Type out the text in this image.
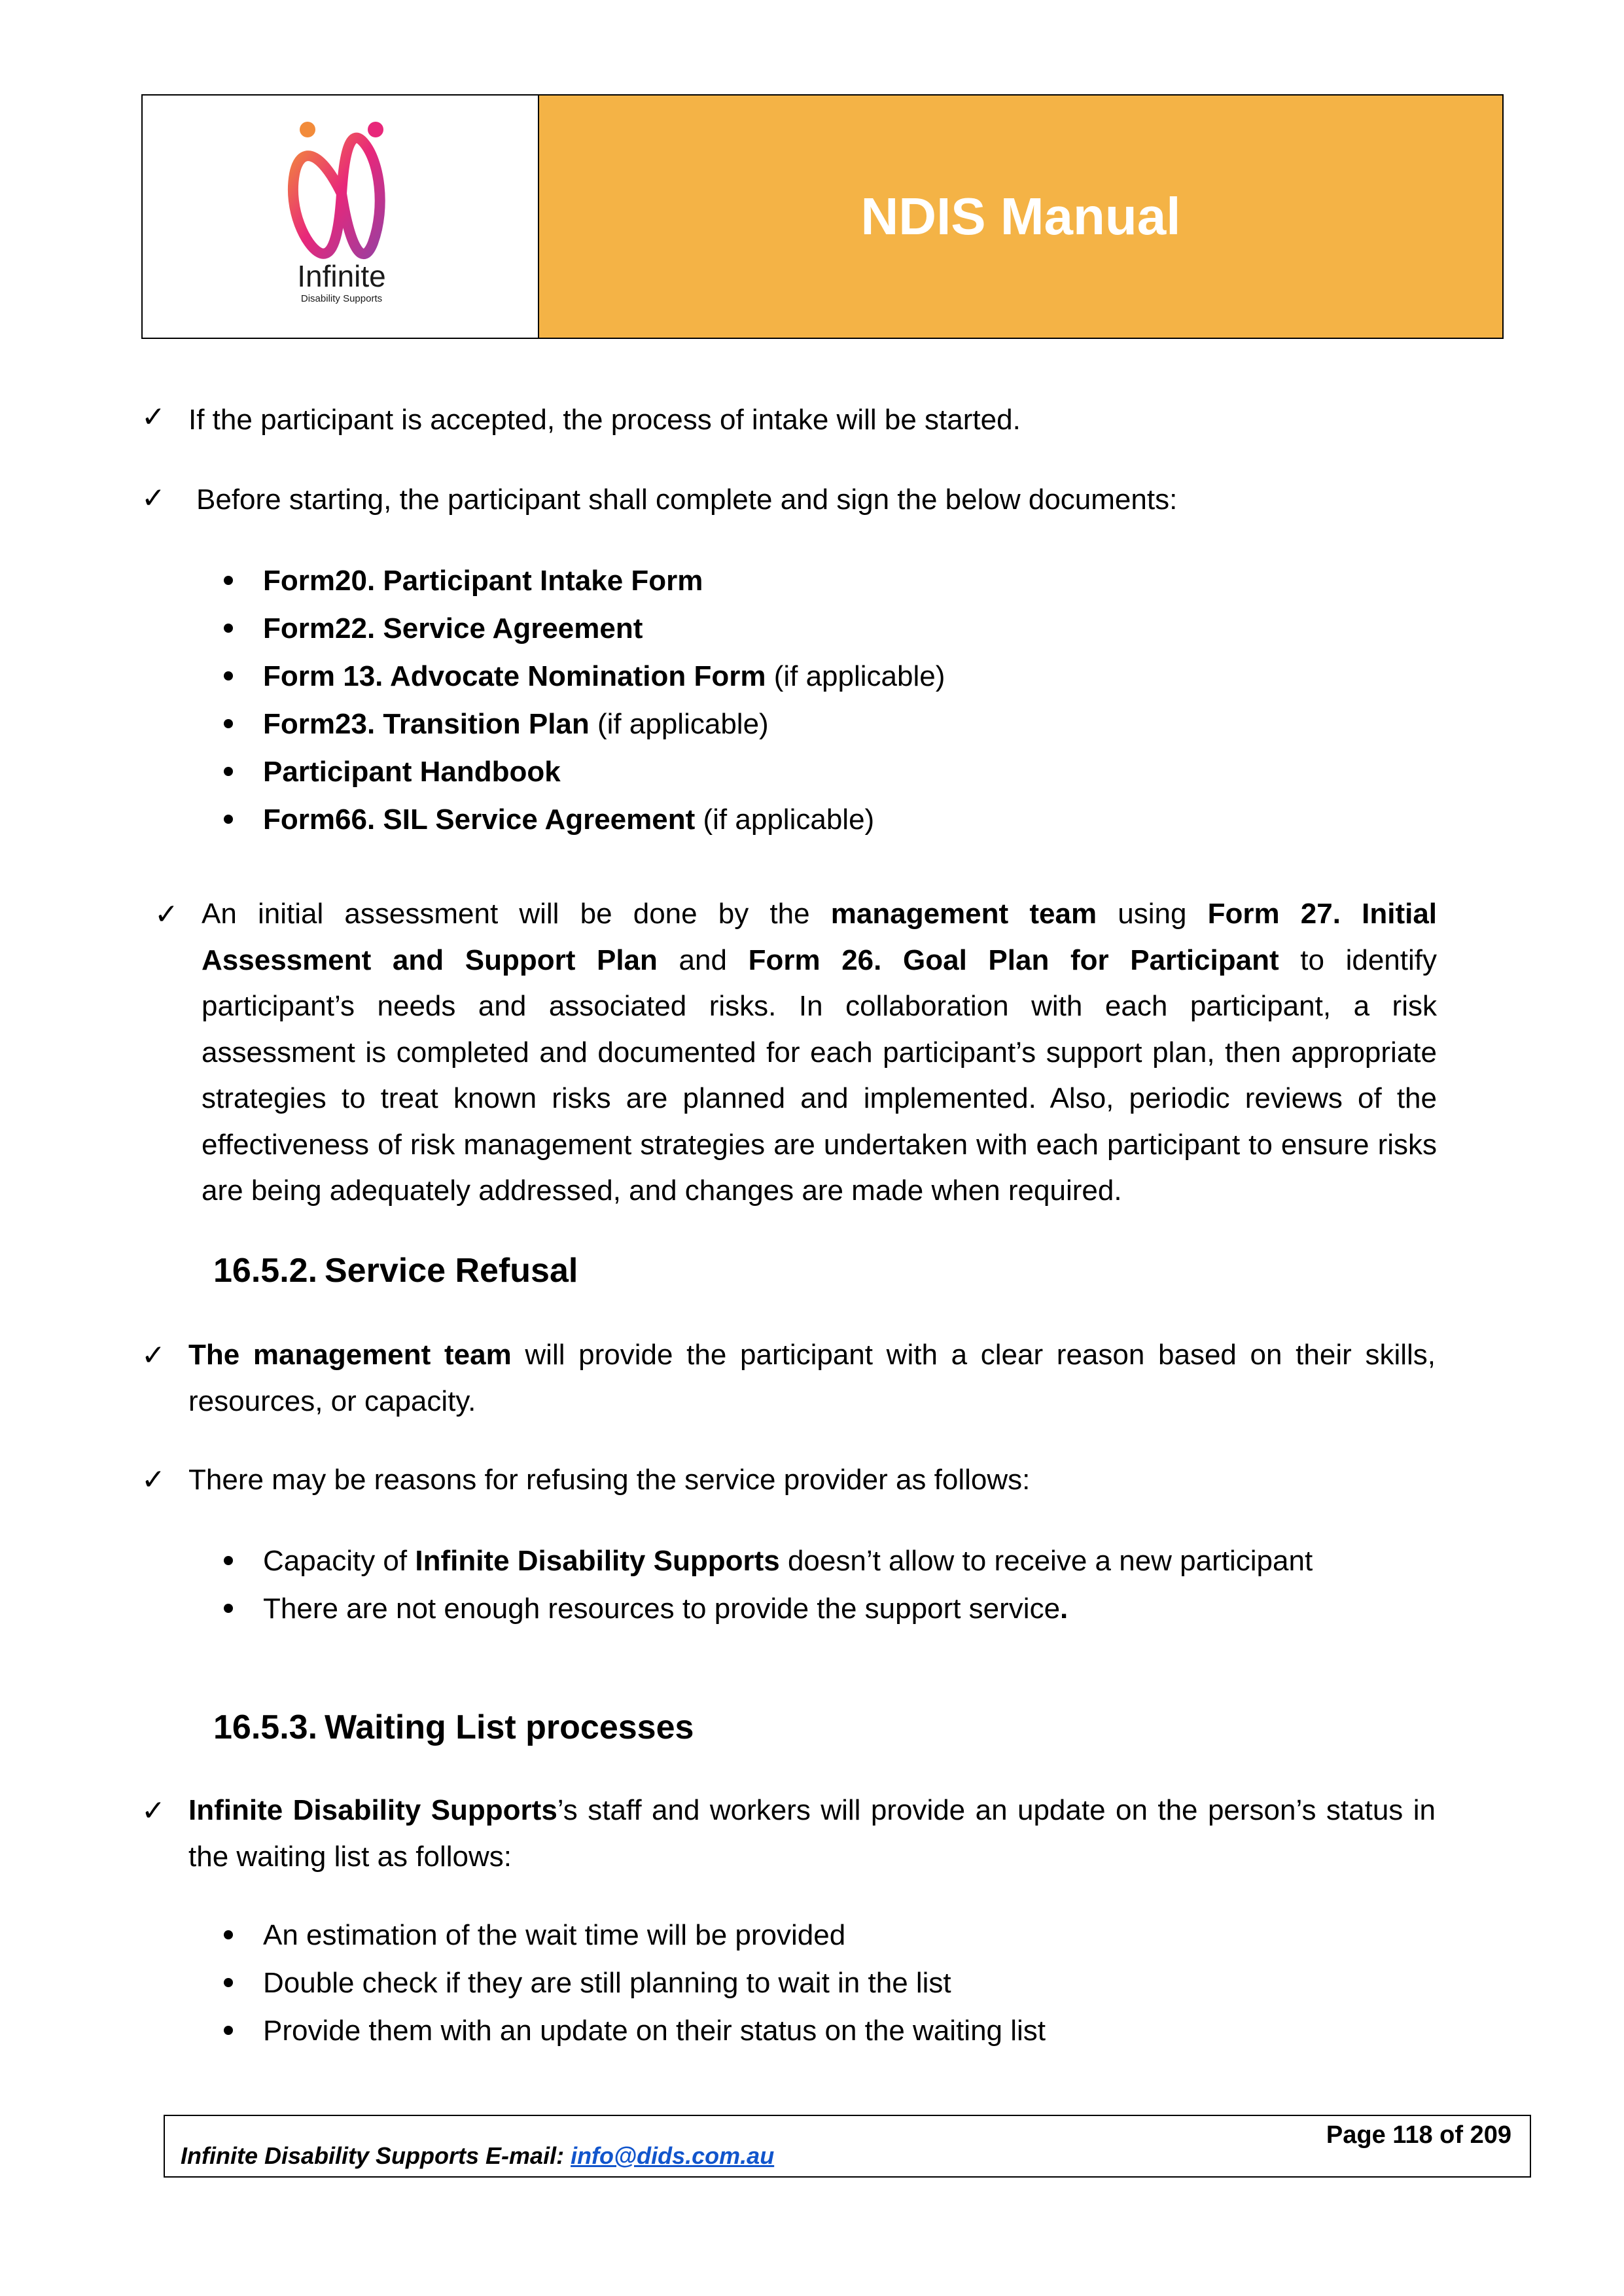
Infinite
Disability Supports
NDIS Manual
✓ If the participant is accepted, the process of intake will be started.
✓ Before starting, the participant shall complete and sign the below documents:
Form20. Participant Intake Form
Form22. Service Agreement
Form 13. Advocate Nomination Form (if applicable)
Form23. Transition Plan (if applicable)
Participant Handbook
Form66. SIL Service Agreement (if applicable)
✓ An initial assessment will be done by the management team using Form 27. Initial Assessment and Support Plan and Form 26. Goal Plan for Participant to identify participant’s needs and associated risks. In collaboration with each participant, a risk assessment is completed and documented for each participant’s support plan, then appropriate strategies to treat known risks are planned and implemented. Also, periodic reviews of the effectiveness of risk management strategies are undertaken with each participant to ensure risks are being adequately addressed, and changes are made when required.
16.5.2. Service Refusal
✓ The management team will provide the participant with a clear reason based on their skills, resources, or capacity.
✓ There may be reasons for refusing the service provider as follows:
Capacity of Infinite Disability Supports doesn’t allow to receive a new participant
There are not enough resources to provide the support service.
16.5.3. Waiting List processes
✓ Infinite Disability Supports’s staff and workers will provide an update on the person’s status in the waiting list as follows:
An estimation of the wait time will be provided
Double check if they are still planning to wait in the list
Provide them with an update on their status on the waiting list
Infinite Disability Supports E-mail: info@dids.com.au
Page 118 of 209
